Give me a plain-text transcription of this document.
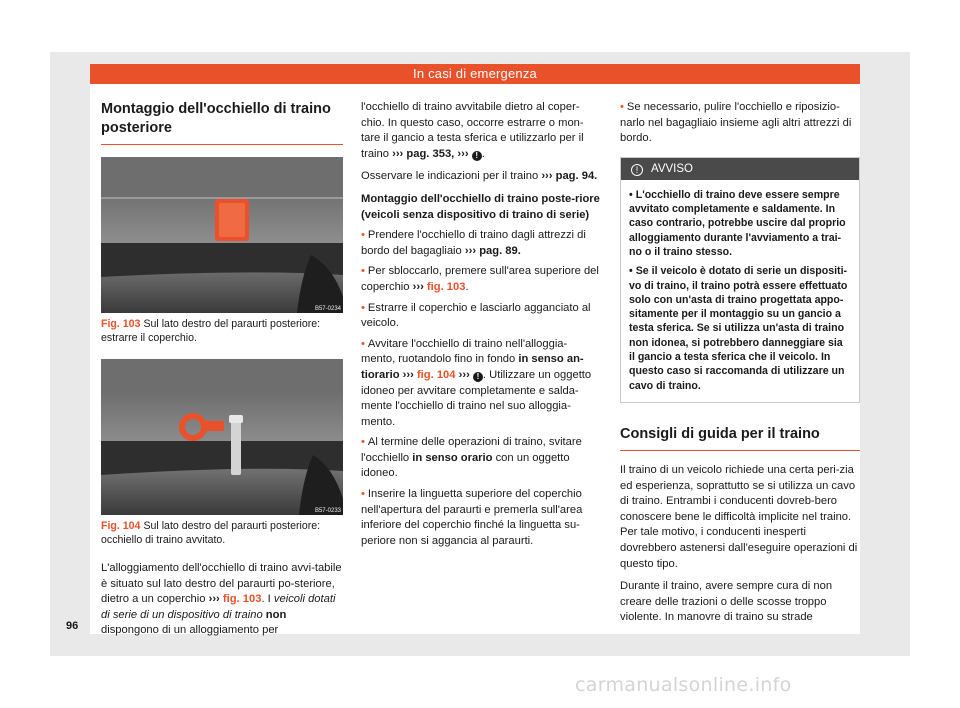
In casi di emergenza
Montaggio dell'occhiello di traino posteriore
B57-0234
Fig. 103 Sul lato destro del paraurti posteriore: estrarre il coperchio.
B57-0233
Fig. 104 Sul lato destro del paraurti posteriore: occhiello di traino avvitato.

L'alloggiamento dell'occhiello di traino avvi-tabile è situato sul lato destro del paraurti po-steriore, dietro a un coperchio ››› fig. 103. I veicoli dotati di serie di un dispositivo di traino non dispongono di un alloggiamento per

l'occhiello di traino avvitabile dietro al coper-chio. In questo caso, occorre estrarre o mon-tare il gancio a testa sferica e utilizzarlo per il traino ››› pag. 353, ››› ! .

Osservare le indicazioni per il traino ››› pag. 94.

Montaggio dell'occhiello di traino poste-riore (veicoli senza dispositivo di traino di serie)
• Prendere l'occhiello di traino dagli attrezzi di bordo del bagagliaio ››› pag. 89.
• Per sbloccarlo, premere sull'area superiore del coperchio ››› fig. 103.
• Estrarre il coperchio e lasciarlo agganciato al veicolo.
• Avvitare l'occhiello di traino nell'alloggia-mento, ruotandolo fino in fondo in senso an-tiorario ››› fig. 104 ››› ! . Utilizzare un oggetto idoneo per avvitare completamente e salda-mente l'occhiello di traino nel suo alloggia-mento.
• Al termine delle operazioni di traino, svitare l'occhiello in senso orario con un oggetto idoneo.
• Inserire la linguetta superiore del coperchio nell'apertura del paraurti e premerla sull'area inferiore del coperchio finché la linguetta su-periore non si aggancia al paraurti.
• Se necessario, pulire l'occhiello e riposizio-narlo nel bagagliaio insieme agli altri attrezzi di bordo.
! AVVISO
• L'occhiello di traino deve essere sempre avvitato completamente e saldamente. In caso contrario, potrebbe uscire dal proprio alloggiamento durante l'avviamento a trai-no o il traino stesso.
• Se il veicolo è dotato di serie un dispositi-vo di traino, il traino potrà essere effettuato solo con un'asta di traino progettata appo-sitamente per il montaggio su un gancio a testa sferica. Se si utilizza un'asta di traino non idonea, si potrebbero danneggiare sia il gancio a testa sferica che il veicolo. In questo caso si raccomanda di utilizzare un cavo di traino.
Consigli di guida per il traino

Il traino di un veicolo richiede una certa peri-zia ed esperienza, soprattutto se si utilizza un cavo di traino. Entrambi i conducenti dovreb-bero conoscere bene le difficoltà implicite nel traino. Per tale motivo, i conducenti inesperti dovrebbero astenersi dall'eseguire operazioni di questo tipo.

Durante il traino, avere sempre cura di non creare delle trazioni o delle scosse troppo violente. In manovre di traino su strade

96
carmanualsonline.info
